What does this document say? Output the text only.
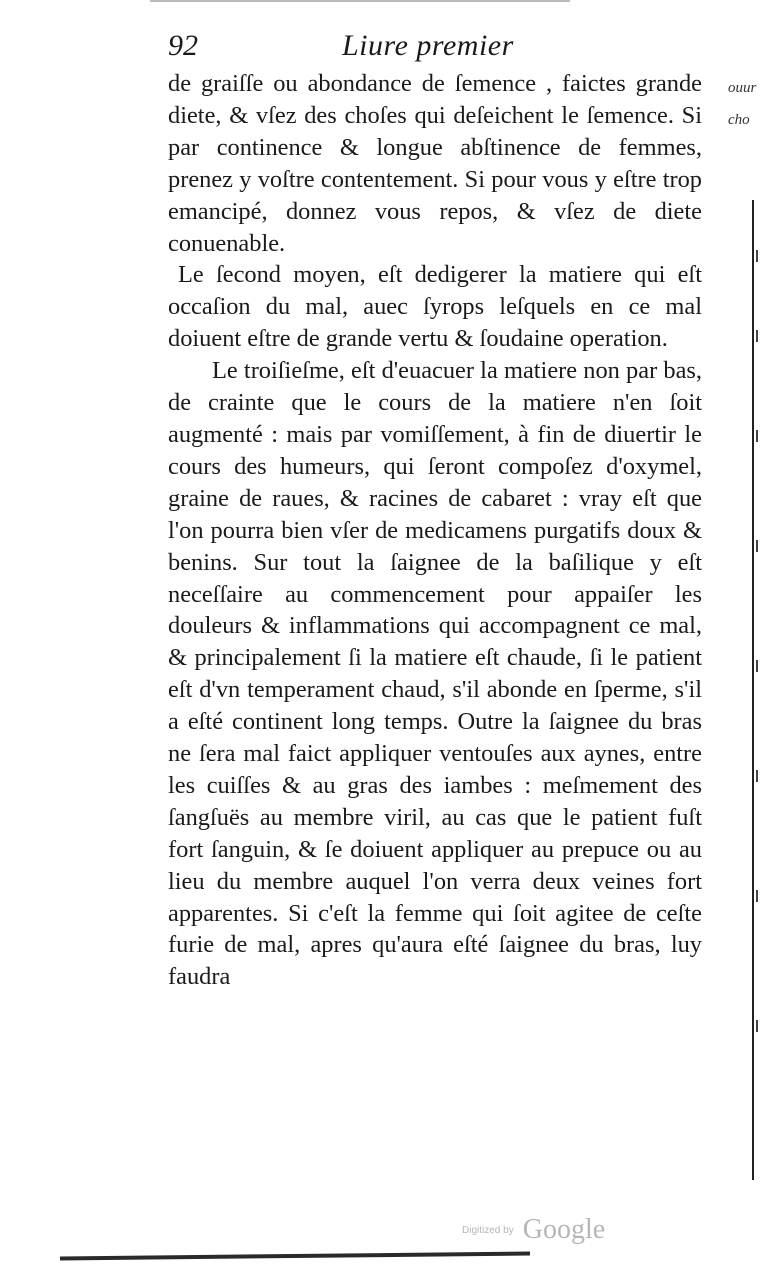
92	Liure premier

de graiſſe ou abondance de ſemence , faictes grande diete, & vſez des choſes qui deſeichent le ſemence. Si par continence & longue abſtinence de femmes, prenez y voſtre contentement. Si pour vous y eſtre trop emancipé, donnez vous repos, & vſez de diete conuenable.

Le ſecond moyen, eſt dedigerer la matiere qui eſt occaſion du mal, auec ſyrops leſquels en ce mal doiuent eſtre de grande vertu & ſoudaine operation.

Le troiſieſme, eſt d'euacuer la matiere non par bas, de crainte que le cours de la matiere n'en ſoit augmenté : mais par vomiſſement, à fin de diuertir le cours des humeurs, qui ſeront compoſez d'oxymel, graine de raues, & racines de cabaret : vray eſt que l'on pourra bien vſer de medicamens purgatifs doux & benins. Sur tout la ſaignee de la baſilique y eſt neceſſaire au commencement pour appaiſer les douleurs & inflammations qui accompagnent ce mal, & principalement ſi la matiere eſt chaude, ſi le patient eſt d'vn temperament chaud, s'il abonde en ſperme, s'il a eſté continent long temps. Outre la ſaignee du bras ne ſera mal faict appliquer ventouſes aux aynes, entre les cuiſſes & au gras des iambes : meſmement des ſangſuës au membre viril, au cas que le patient fuſt fort ſanguin, & ſe doiuent appliquer au prepuce ou au lieu du membre auquel l'on verra deux veines fort apparentes. Si c'eſt la femme qui ſoit agitee de ceſte furie de mal, apres qu'aura eſté ſaignee du bras, luy faudra

ouur
cho
Digitized by Google
